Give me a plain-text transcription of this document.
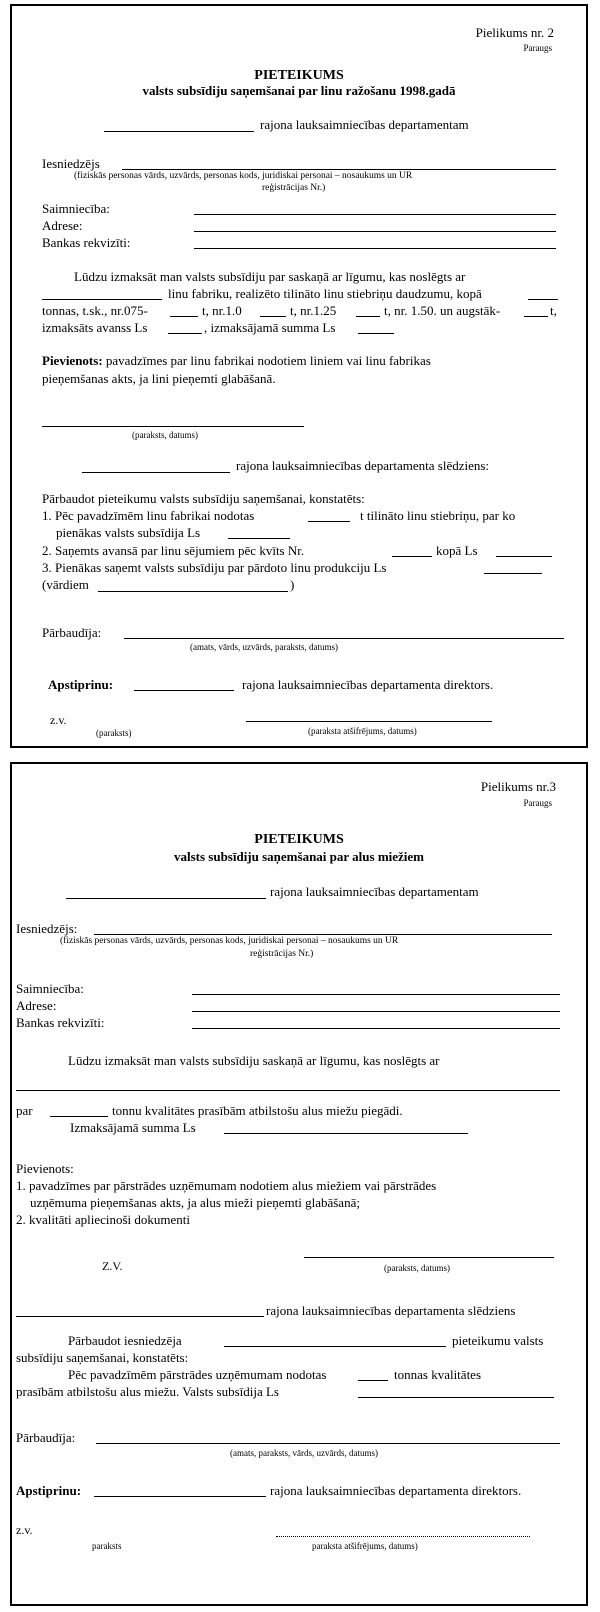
Pielikums nr. 2
Paraugs
PIETEIKUMS
valsts subsīdiju saņemšanai par linu ražošanu 1998.gadā
rajona lauksaimniecības departamentam
Iesniedzējs
(fiziskās personas vārds, uzvārds, personas kods, juridiskai personai – nosaukums un UR
reģistrācijas Nr.)
Saimniecība:
Adrese:
Bankas rekvizīti:
Lūdzu izmaksāt man valsts subsīdiju par saskaņā ar līgumu, kas noslēgts ar
linu fabriku, realizēto tilināto linu stiebriņu daudzumu, kopā
tonnas, t.sk., nr.075-	t, nr.1.0	t, nr.1.25	t, nr. 1.50. un augstāk-	t,
izmaksāts avanss Ls	, izmaksājamā summa Ls
Pievienots: pavadzīmes par linu fabrikai nodotiem liniem vai linu fabrikas
pieņemšanas akts, ja lini pieņemti glabāšanā.
(paraksts, datums)
rajona lauksaimniecības departamenta slēdziens:
Pārbaudot pieteikumu valsts subsīdiju saņemšanai, konstatēts:
1. Pēc pavadzīmēm linu fabrikai nodotas	t tilināto linu stiebriņu, par ko
pienākas valsts subsīdija Ls
2. Saņemts avansā par linu sējumiem pēc kvīts Nr.	kopā Ls
3. Pienākas saņemt valsts subsīdiju par pārdoto linu produkciju Ls
(vārdiem	)
Pārbaudīja:
(amats, vārds, uzvārds, paraksts, datums)
Apstiprinu:	rajona lauksaimniecības departamenta direktors.
z.v.
(paraksts)	(paraksta atšifrējums, datums)
Pielikums nr.3
Paraugs
PIETEIKUMS
valsts subsīdiju saņemšanai par alus miežiem
rajona lauksaimniecības departamentam
Iesniedzējs:
(fiziskās personas vārds, uzvārds, personas kods, juridiskai personai – nosaukums un UR
reģistrācijas Nr.)
Saimniecība:
Adrese:
Bankas rekvizīti:
Lūdzu izmaksāt man valsts subsīdiju saskaņā ar līgumu, kas noslēgts ar
par	tonnu kvalitātes prasībām atbilstošu alus miežu piegādi.
Izmaksājamā summa Ls
Pievienots:
1. pavadzīmes par pārstrādes uzņēmumam nodotiem alus miežiem vai pārstrādes
uzņēmuma pieņemšanas akts, ja alus mieži pieņemti glabāšanā;
2. kvalitāti apliecinoši dokumenti
Z.V.	(paraksts, datums)
rajona lauksaimniecības departamenta slēdziens
Pārbaudot iesniedzēja	pieteikumu valsts
subsīdiju saņemšanai, konstatēts:
Pēc pavadzīmēm pārstrādes uzņēmumam nodotas	tonnas kvalitātes
prasībām atbilstošu alus miežu. Valsts subsīdija Ls
Pārbaudīja:
(amats, paraksts, vārds, uzvārds, datums)
Apstiprinu:	rajona lauksaimniecības departamenta direktors.
z.v.
paraksts	paraksta atšifrējums, datums)
